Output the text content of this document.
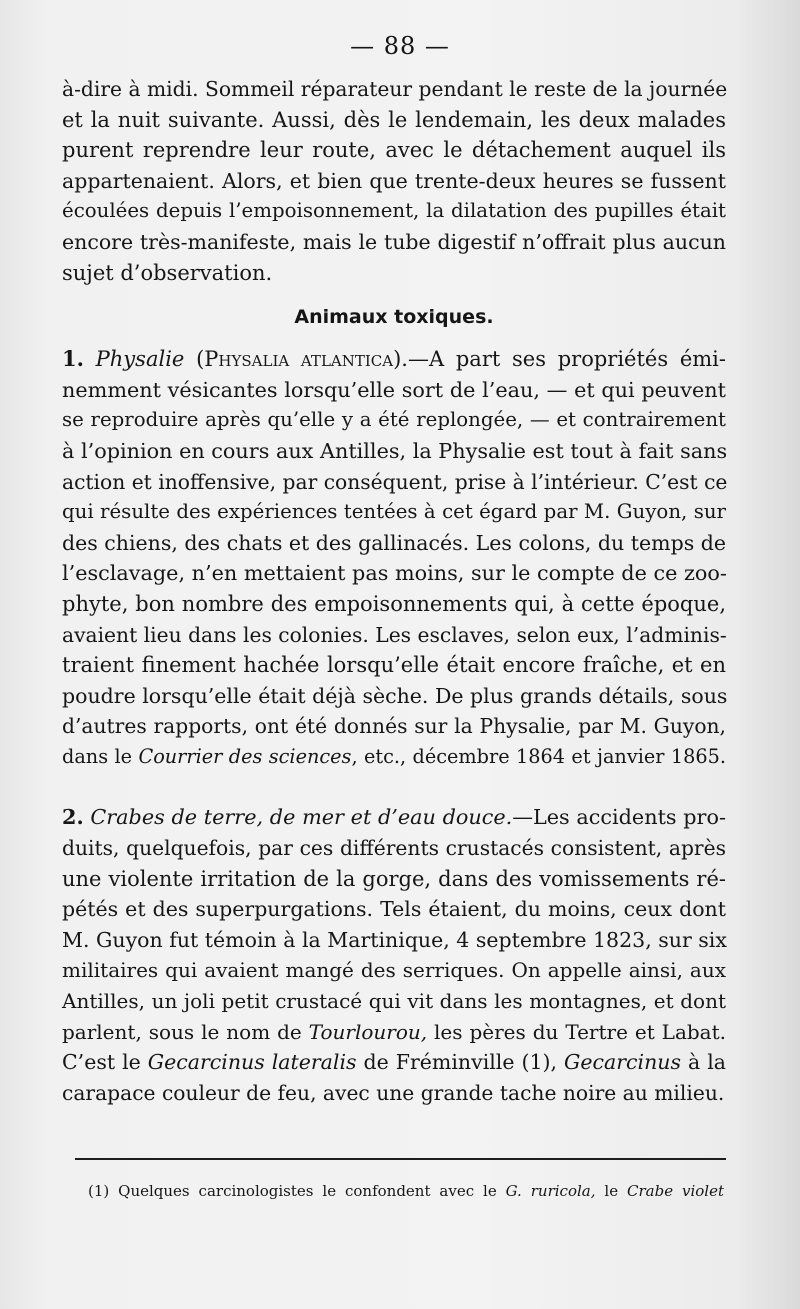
— 88 —
à-dire à midi. Sommeil réparateur pendant le reste de la journée
et la nuit suivante. Aussi, dès le lendemain, les deux malades
purent reprendre leur route, avec le détachement auquel ils
appartenaient. Alors, et bien que trente-deux heures se fussent
écoulées depuis l’empoisonnement, la dilatation des pupilles était
encore très-manifeste, mais le tube digestif n’offrait plus aucun
sujet d’observation.
Animaux toxiques.
1. Physalie (Physalia atlantica).—A part ses propriétés émi-
nemment vésicantes lorsqu’elle sort de l’eau, — et qui peuvent
se reproduire après qu’elle y a été replongée, — et contrairement
à l’opinion en cours aux Antilles, la Physalie est tout à fait sans
action et inoffensive, par conséquent, prise à l’intérieur. C’est ce
qui résulte des expériences tentées à cet égard par M. Guyon, sur
des chiens, des chats et des gallinacés. Les colons, du temps de
l’esclavage, n’en mettaient pas moins, sur le compte de ce zoo-
phyte, bon nombre des empoisonnements qui, à cette époque,
avaient lieu dans les colonies. Les esclaves, selon eux, l’adminis-
traient finement hachée lorsqu’elle était encore fraîche, et en
poudre lorsqu’elle était déjà sèche. De plus grands détails, sous
d’autres rapports, ont été donnés sur la Physalie, par M. Guyon,
dans le Courrier des sciences, etc., décembre 1864 et janvier 1865.
2. Crabes de terre, de mer et d’eau douce.—Les accidents pro-
duits, quelquefois, par ces différents crustacés consistent, après
une violente irritation de la gorge, dans des vomissements ré-
pétés et des superpurgations. Tels étaient, du moins, ceux dont
M. Guyon fut témoin à la Martinique, 4 septembre 1823, sur six
militaires qui avaient mangé des serriques. On appelle ainsi, aux
Antilles, un joli petit crustacé qui vit dans les montagnes, et dont
parlent, sous le nom de Tourlourou, les pères du Tertre et Labat.
C’est le Gecarcinus lateralis de Fréminville (1), Gecarcinus à la
carapace couleur de feu, avec une grande tache noire au milieu.
(1) Quelques carcinologistes le confondent avec le G. ruricola, le Crabe violet
